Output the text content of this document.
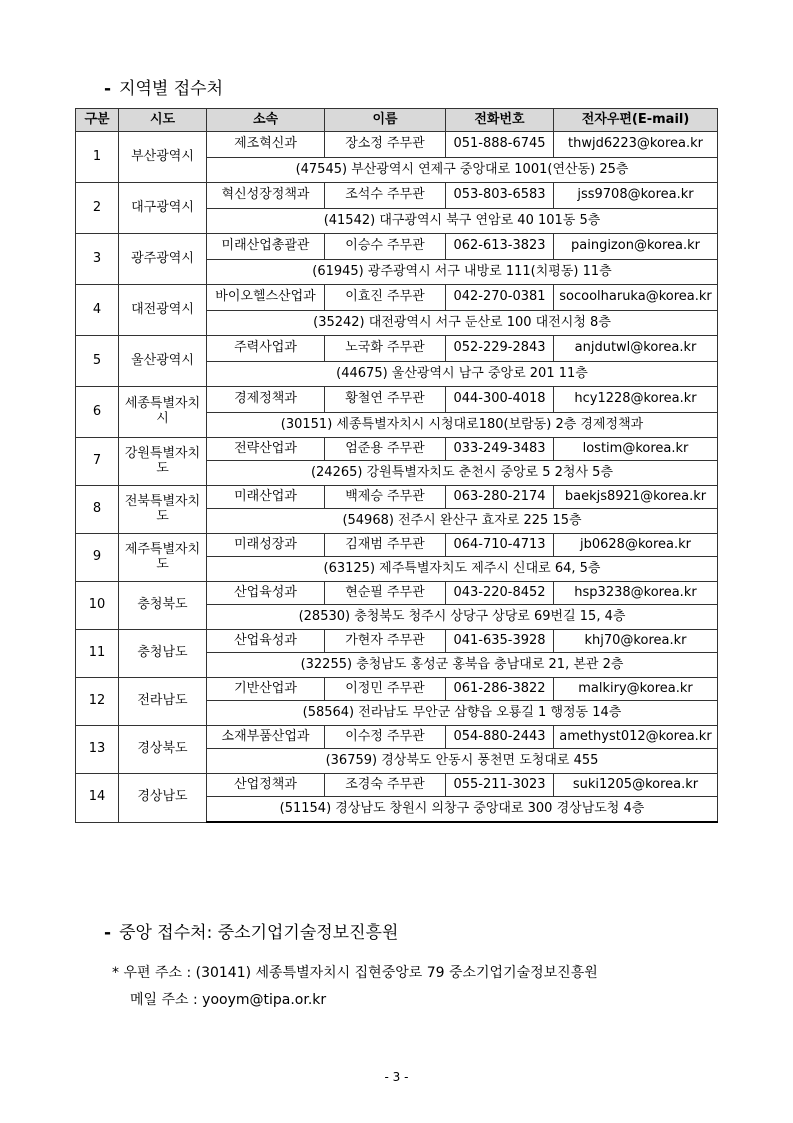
- 지역별 접수처
구분	시도	소속	이름	전화번호	전자우편(E-mail)
1	부산광역시	제조혁신과	장소정 주무관	051-888-6745	thwjd6223@korea.kr
		(47545) 부산광역시 연제구 중앙대로 1001(연산동) 25층			
2	대구광역시	혁신성장정책과	조석수 주무관	053-803-6583	jss9708@korea.kr
		(41542) 대구광역시 북구 연암로 40 101동 5층			
3	광주광역시	미래산업총괄관	이승수 주무관	062-613-3823	paingizon@korea.kr
		(61945) 광주광역시 서구 내방로 111(치평동) 11층			
4	대전광역시	바이오헬스산업과	이효진 주무관	042-270-0381	socoolharuka@korea.kr
		(35242) 대전광역시 서구 둔산로 100 대전시청 8층			
5	울산광역시	주력사업과	노국화 주무관	052-229-2843	anjdutwl@korea.kr
		(44675) 울산광역시 남구 중앙로 201 11층			
6	세종특별자치시	경제정책과	황철연 주무관	044-300-4018	hcy1228@korea.kr
		(30151) 세종특별자치시 시청대로180(보람동) 2층 경제정책과			
7	강원특별자치도	전략산업과	엄준용 주무관	033-249-3483	lostim@korea.kr
		(24265) 강원특별자치도 춘천시 중앙로 5 2청사 5층			
8	전북특별자치도	미래산업과	백제승 주무관	063-280-2174	baekjs8921@korea.kr
		(54968) 전주시 완산구 효자로 225 15층			
9	제주특별자치도	미래성장과	김재범 주무관	064-710-4713	jb0628@korea.kr
		(63125) 제주특별자치도 제주시 신대로 64, 5층			
10	충청북도	산업육성과	현순필 주무관	043-220-8452	hsp3238@korea.kr
		(28530) 충청북도 청주시 상당구 상당로 69번길 15, 4층			
11	충청남도	산업육성과	가현자 주무관	041-635-3928	khj70@korea.kr
		(32255) 충청남도 홍성군 홍북읍 충남대로 21, 본관 2층			
12	전라남도	기반산업과	이정민 주무관	061-286-3822	malkiry@korea.kr
		(58564) 전라남도 무안군 삼향읍 오룡길 1 행정동 14층			
13	경상북도	소재부품산업과	이수정 주무관	054-880-2443	amethyst012@korea.kr
		(36759) 경상북도 안동시 풍천면 도청대로 455			
14	경상남도	산업정책과	조경숙 주무관	055-211-3023	suki1205@korea.kr
		(51154) 경상남도 창원시 의창구 중앙대로 300 경상남도청 4층			
- 중앙 접수처: 중소기업기술정보진흥원
* 우편 주소 : (30141) 세종특별자치시 집현중앙로 79 중소기업기술정보진흥원
메일 주소 : yooym@tipa.or.kr
- 3 -
